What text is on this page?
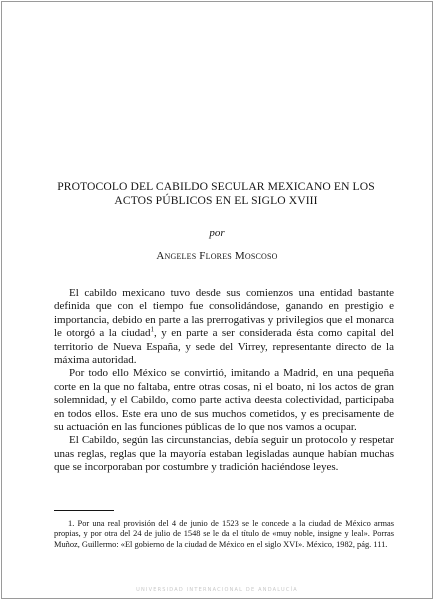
PROTOCOLO DEL CABILDO SECULAR MEXICANO EN LOS
ACTOS PÚBLICOS EN EL SIGLO XVIII
por
Angeles Flores Moscoso

El cabildo mexicano tuvo desde sus comienzos una entidad bastante definida que con el tiempo fue consolidándose, ganando en prestigio e importancia, debido en parte a las prerrogativas y privilegios que el monarca le otorgó a la ciudad$^1$, y en parte a ser considerada ésta como capital del territorio de Nueva España, y sede del Virrey, representante directo de la máxima autoridad.

Por todo ello México se convirtió, imitando a Madrid, en una pequeña corte en la que no faltaba, entre otras cosas, ni el boato, ni los actos de gran solemnidad, y el Cabildo, como parte activa deesta colectividad, participaba en todos ellos. Este era uno de sus muchos cometidos, y es precisamente de su actuación en las funciones públicas de lo que nos vamos a ocupar.

El Cabildo, según las circunstancias, debía seguir un protocolo y respetar unas reglas, reglas que la mayoría estaban legisladas aunque habían muchas que se incorporaban por costumbre y tradición haciéndose leyes.

1. Por una real provisión del 4 de junio de 1523 se le concede a la ciudad de México armas propias, y por otra del 24 de julio de 1548 se le da el título de «muy noble, insigne y leal». Porras Muñoz, Guillermo: «El gobierno de la ciudad de México en el siglo XVI». México, 1982, pág. 111.

UNIVERSIDAD INTERNACIONAL DE ANDALUCÍA
